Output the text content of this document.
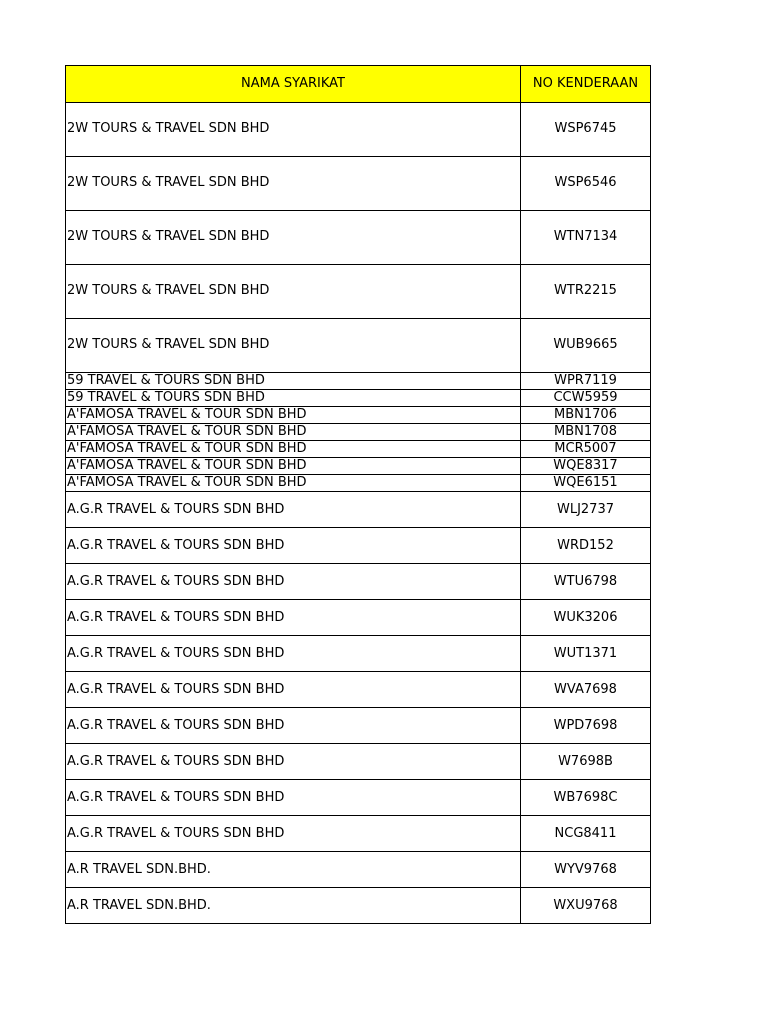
NAMA SYARIKAT	NO KENDERAAN
2W TOURS & TRAVEL SDN BHD	WSP6745
2W TOURS & TRAVEL SDN BHD	WSP6546
2W TOURS & TRAVEL SDN BHD	WTN7134
2W TOURS & TRAVEL SDN BHD	WTR2215
2W TOURS & TRAVEL SDN BHD	WUB9665
59 TRAVEL & TOURS SDN BHD	WPR7119
59 TRAVEL & TOURS SDN BHD	CCW5959
A'FAMOSA TRAVEL & TOUR SDN BHD	MBN1706
A'FAMOSA TRAVEL & TOUR SDN BHD	MBN1708
A'FAMOSA TRAVEL & TOUR SDN BHD	MCR5007
A'FAMOSA TRAVEL & TOUR SDN BHD	WQE8317
A'FAMOSA TRAVEL & TOUR SDN BHD	WQE6151
A.G.R TRAVEL & TOURS SDN BHD	WLJ2737
A.G.R TRAVEL & TOURS SDN BHD	WRD152
A.G.R TRAVEL & TOURS SDN BHD	WTU6798
A.G.R TRAVEL & TOURS SDN BHD	WUK3206
A.G.R TRAVEL & TOURS SDN BHD	WUT1371
A.G.R TRAVEL & TOURS SDN BHD	WVA7698
A.G.R TRAVEL & TOURS SDN BHD	WPD7698
A.G.R TRAVEL & TOURS SDN BHD	W7698B
A.G.R TRAVEL & TOURS SDN BHD	WB7698C
A.G.R TRAVEL & TOURS SDN BHD	NCG8411
A.R TRAVEL SDN.BHD.	WYV9768
A.R TRAVEL SDN.BHD.	WXU9768
